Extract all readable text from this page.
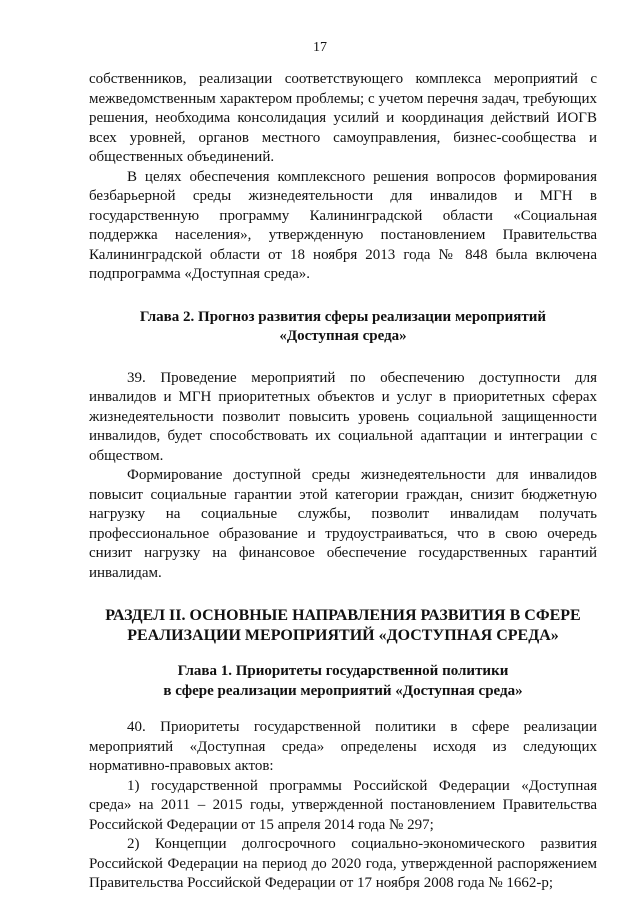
17

собственников, реализации соответствующего комплекса мероприятий с межведомственным характером проблемы; с учетом перечня задач, требующих решения, необходима консолидация усилий и координация действий ИОГВ всех уровней, органов местного самоуправления, бизнес-сообщества и общественных объединений.

В целях обеспечения комплексного решения вопросов формирования безбарьерной среды жизнедеятельности для инвалидов и МГН в государственную программу Калининградской области «Социальная поддержка населения», утвержденную постановлением Правительства Калининградской области от 18 ноября 2013 года № 848 была включена подпрограмма «Доступная среда».

Глава 2. Прогноз развития сферы реализации мероприятий
«Доступная среда»

39. Проведение мероприятий по обеспечению доступности для инвалидов и МГН приоритетных объектов и услуг в приоритетных сферах жизнедеятельности позволит повысить уровень социальной защищенности инвалидов, будет способствовать их социальной адаптации и интеграции с обществом.

Формирование доступной среды жизнедеятельности для инвалидов повысит социальные гарантии этой категории граждан, снизит бюджетную нагрузку на социальные службы, позволит инвалидам получать профессиональное образование и трудоустраиваться, что в свою очередь снизит нагрузку на финансовое обеспечение государственных гарантий инвалидам.

РАЗДЕЛ II. ОСНОВНЫЕ НАПРАВЛЕНИЯ РАЗВИТИЯ В СФЕРЕ
РЕАЛИЗАЦИИ МЕРОПРИЯТИЙ «ДОСТУПНАЯ СРЕДА»
Глава 1. Приоритеты государственной политики
в сфере реализации мероприятий «Доступная среда»

40. Приоритеты государственной политики в сфере реализации мероприятий «Доступная среда» определены исходя из следующих нормативно-правовых актов:

1) государственной программы Российской Федерации «Доступная среда» на 2011 – 2015 годы, утвержденной постановлением Правительства Российской Федерации от 15 апреля 2014 года № 297;

2) Концепции долгосрочного социально-экономического развития Российской Федерации на период до 2020 года, утвержденной распоряжением Правительства Российской Федерации от 17 ноября 2008 года № 1662-р;
